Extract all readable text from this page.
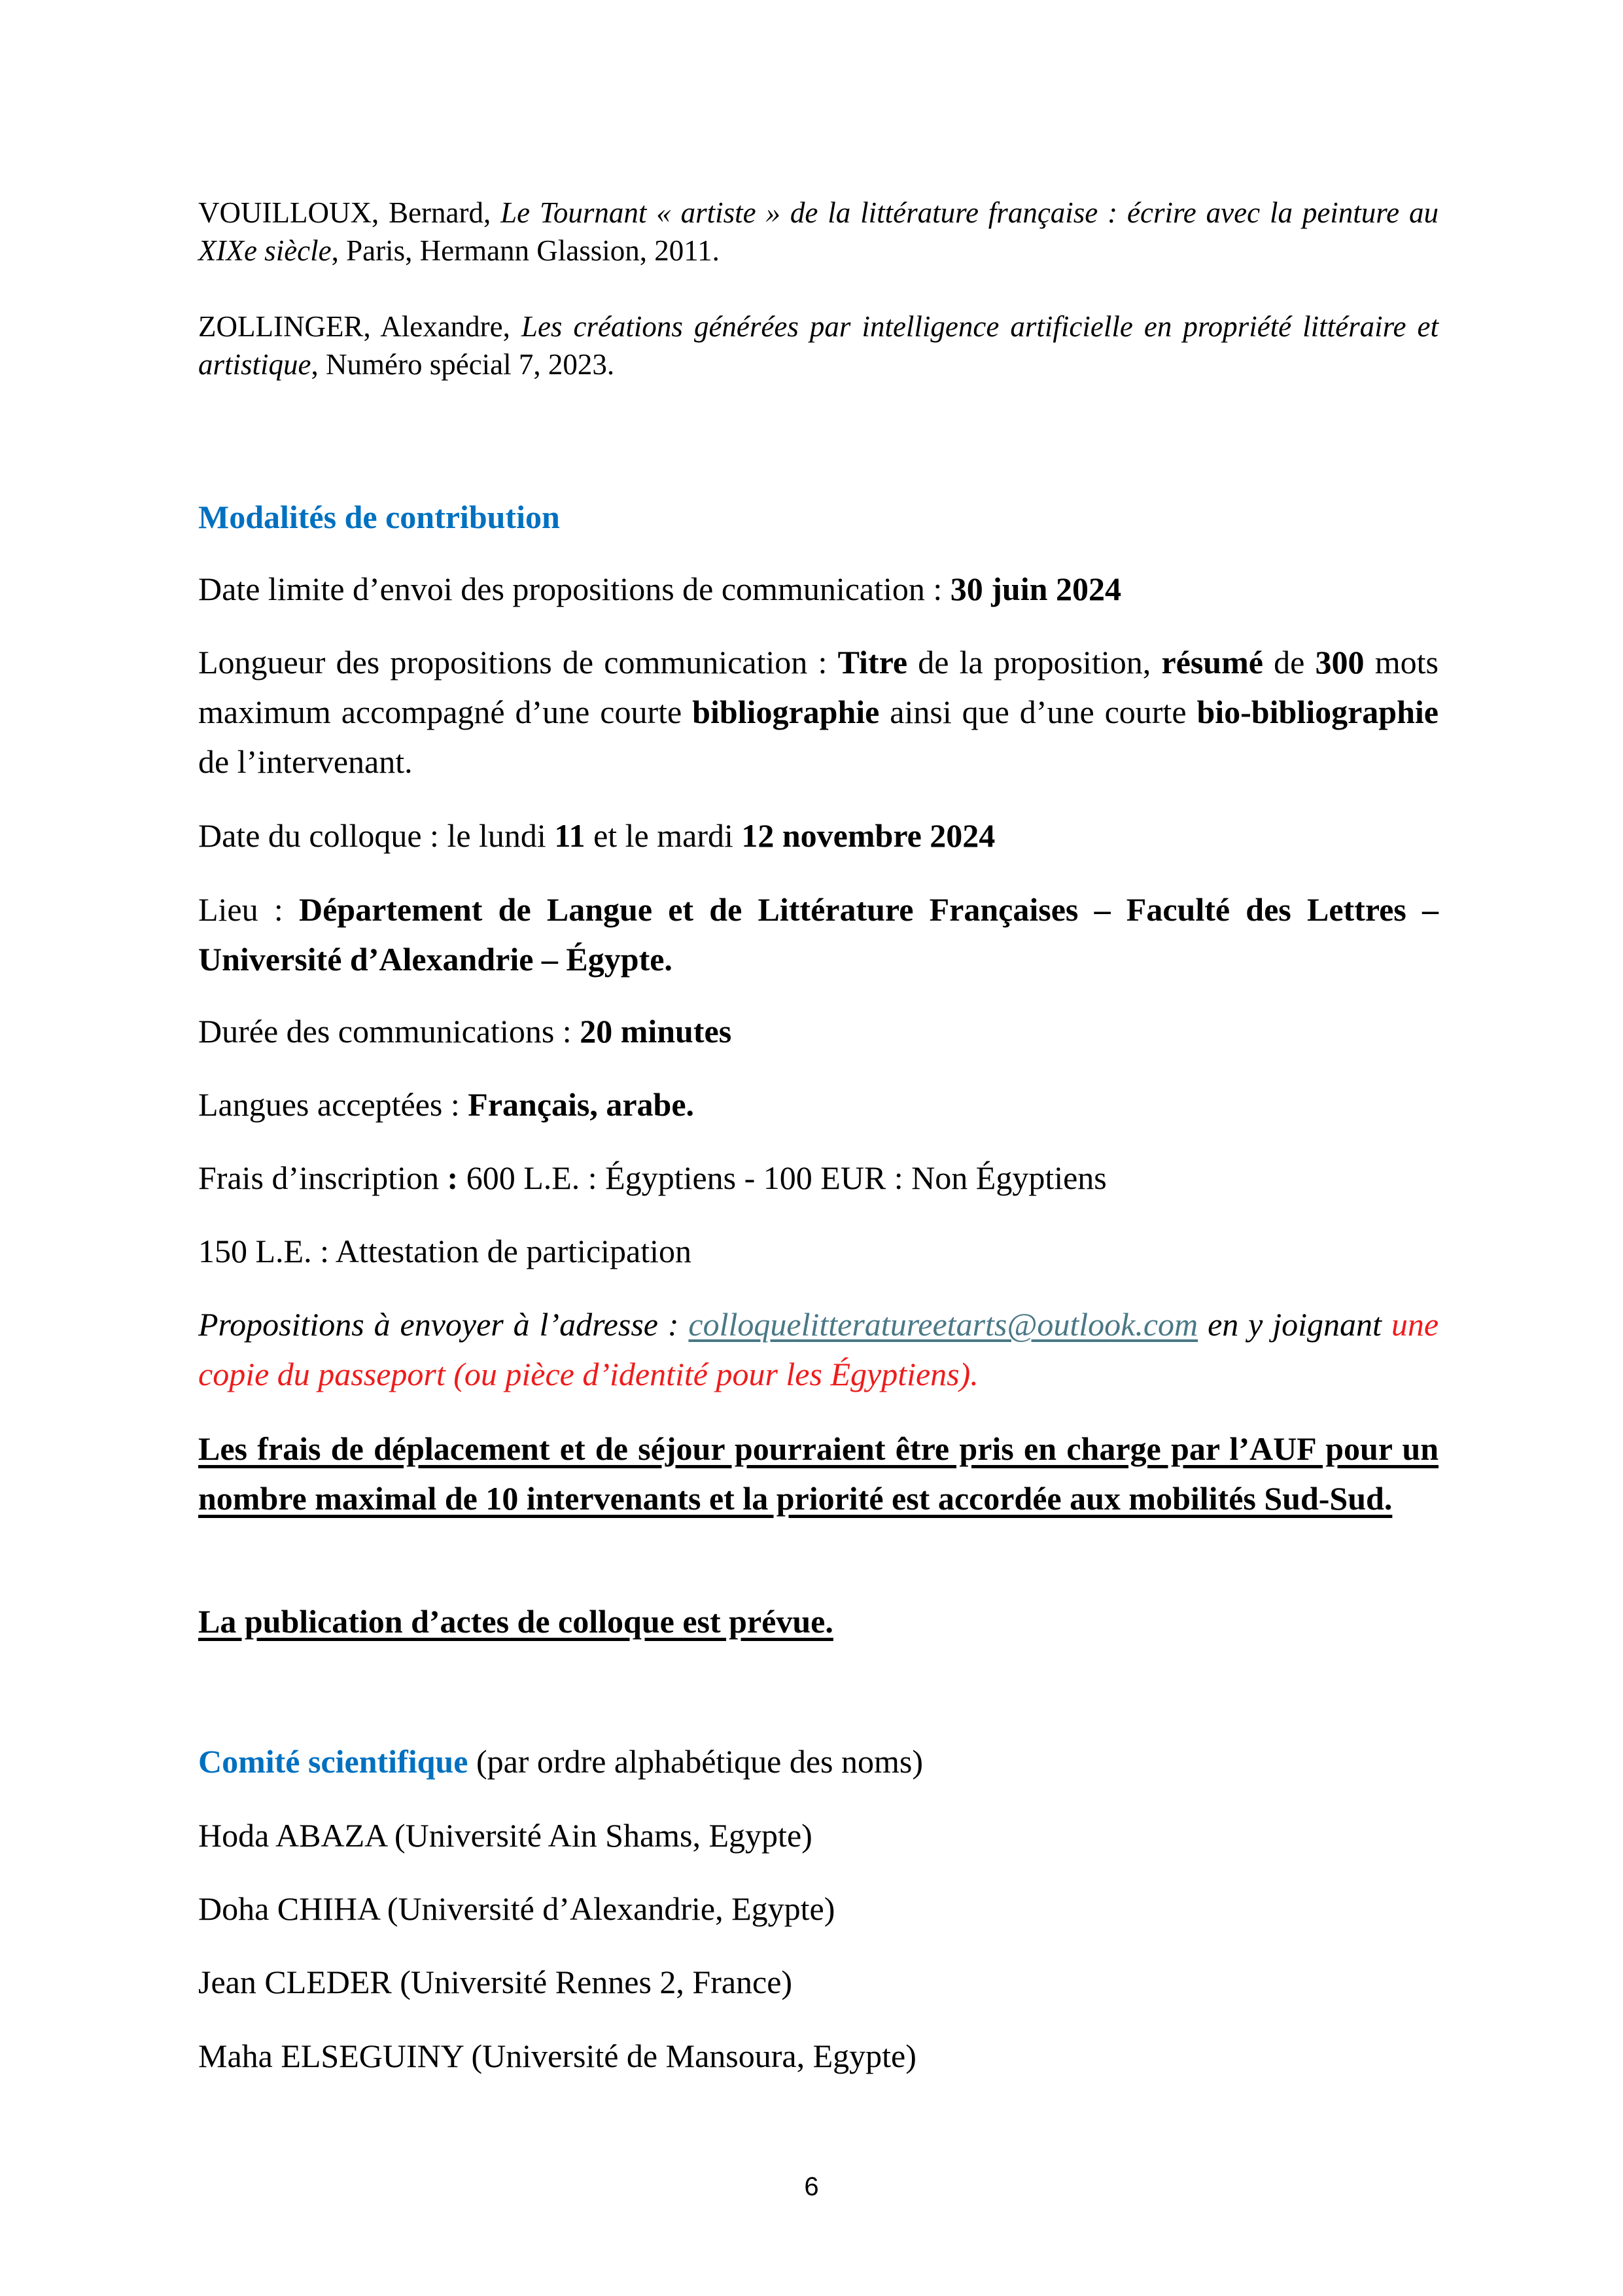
VOUILLOUX, Bernard, Le Tournant « artiste » de la littérature française : écrire avec la peinture au XIXe siècle, Paris, Hermann Glassion, 2011.

ZOLLINGER, Alexandre, Les créations générées par intelligence artificielle en propriété littéraire et artistique, Numéro spécial 7, 2023.

Modalités de contribution

Date limite d’envoi des propositions de communication : 30 juin 2024

Longueur des propositions de communication : Titre de la proposition, résumé de 300 mots maximum accompagné d’une courte bibliographie ainsi que d’une courte bio-bibliographie de l’intervenant.

Date du colloque : le lundi 11 et le mardi 12 novembre 2024

Lieu : Département de Langue et de Littérature Françaises – Faculté des Lettres – Université d’Alexandrie – Égypte.

Durée des communications : 20 minutes

Langues acceptées : Français, arabe.

Frais d’inscription : 600 L.E. : Égyptiens - 100 EUR : Non Égyptiens

150 L.E. : Attestation de participation

Propositions à envoyer à l’adresse : colloquelitteratureetarts@outlook.com en y joignant une copie du passeport (ou pièce d’identité pour les Égyptiens).

Les frais de déplacement et de séjour pourraient être pris en charge par l’AUF pour un nombre maximal de 10 intervenants et la priorité est accordée aux mobilités Sud-Sud.

La publication d’actes de colloque est prévue.

Comité scientifique (par ordre alphabétique des noms)

Hoda ABAZA (Université Ain Shams, Egypte)

Doha CHIHA (Université d’Alexandrie, Egypte)

Jean CLEDER (Université Rennes 2, France)

Maha ELSEGUINY (Université de Mansoura, Egypte)

6
